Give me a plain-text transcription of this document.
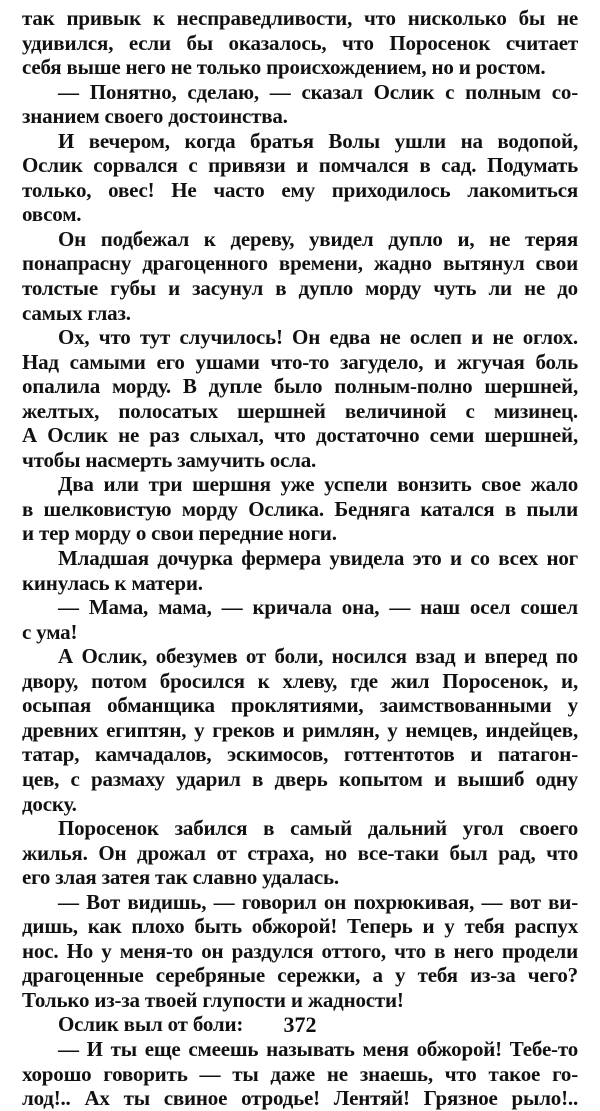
так привык к несправедливости, что нисколько бы не
удивился, если бы оказалось, что Поросенок считает
себя выше него не только происхождением, но и ростом.
— Понятно, сделаю, — сказал Ослик с полным со-
знанием своего достоинства.
И вечером, когда братья Волы ушли на водопой,
Ослик сорвался с привязи и помчался в сад. Подумать
только, овес! Не часто ему приходилось лакомиться
овсом.
Он подбежал к дереву, увидел дупло и, не теряя
понапрасну драгоценного времени, жадно вытянул свои
толстые губы и засунул в дупло морду чуть ли не до
самых глаз.
Ох, что тут случилось! Он едва не ослеп и не оглох.
Над самыми его ушами что-то загудело, и жгучая боль
опалила морду. В дупле было полным-полно шершней,
желтых, полосатых шершней величиной с мизинец.
А Ослик не раз слыхал, что достаточно семи шершней,
чтобы насмерть замучить осла.
Два или три шершня уже успели вонзить свое жало
в шелковистую морду Ослика. Бедняга катался в пыли
и тер морду о свои передние ноги.
Младшая дочурка фермера увидела это и со всех ног
кинулась к матери.
— Мама, мама, — кричала она, — наш осел сошел
с ума!
А Ослик, обезумев от боли, носился взад и вперед по
двору, потом бросился к хлеву, где жил Поросенок, и,
осыпая обманщика проклятиями, заимствованными у
древних египтян, у греков и римлян, у немцев, индейцев,
татар, камчадалов, эскимосов, готтентотов и патагон-
цев, с размаху ударил в дверь копытом и вышиб одну
доску.
Поросенок забился в самый дальний угол своего
жилья. Он дрожал от страха, но все-таки был рад, что
его злая затея так славно удалась.
— Вот видишь, — говорил он похрюкивая, — вот ви-
дишь, как плохо быть обжорой! Теперь и у тебя распух
нос. Но у меня-то он раздулся оттого, что в него продели
драгоценные серебряные сережки, а у тебя из-за чего?
Только из-за твоей глупости и жадности!
Ослик выл от боли:
— И ты еще смеешь называть меня обжорой! Тебе-то
хорошо говорить — ты даже не знаешь, что такое го-
лод!.. Ах ты свиное отродье! Лентяй! Грязное рыло!..
372
